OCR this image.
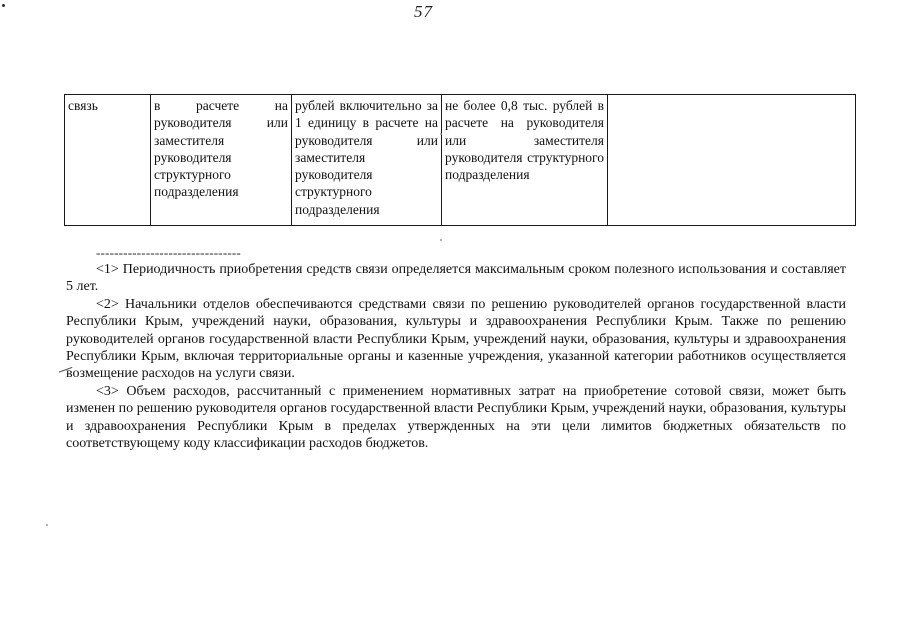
57
связь	в расчете на руководителя или заместителя руководителя структурного подразделения	рублей включительно за 1 единицу в расчете на руководителя или заместителя руководителя структурного подразделения	не более 0,8 тыс. рублей в расчете на руководителя или заместителя руководителя структурного подразделения	
--------------------------------

<1> Периодичность приобретения средств связи определяется максимальным сроком полезного использования и составляет 5 лет.

<2> Начальники отделов обеспечиваются средствами связи по решению руководителей органов государственной власти Республики Крым, учреждений науки, образования, культуры и здравоохранения Республики Крым. Также по решению руководителей органов государственной власти Республики Крым, учреждений науки, образования, культуры и здравоохранения Республики Крым, включая территориальные органы и казенные учреждения, указанной категории работников осуществляется возмещение расходов на услуги связи.

<3> Объем расходов, рассчитанный с применением нормативных затрат на приобретение сотовой связи, может быть изменен по решению руководителя органов государственной власти Республики Крым, учреждений науки, образования, культуры и здравоохранения Республики Крым в пределах утвержденных на эти цели лимитов бюджетных обязательств по соответствующему коду классификации расходов бюджетов.
